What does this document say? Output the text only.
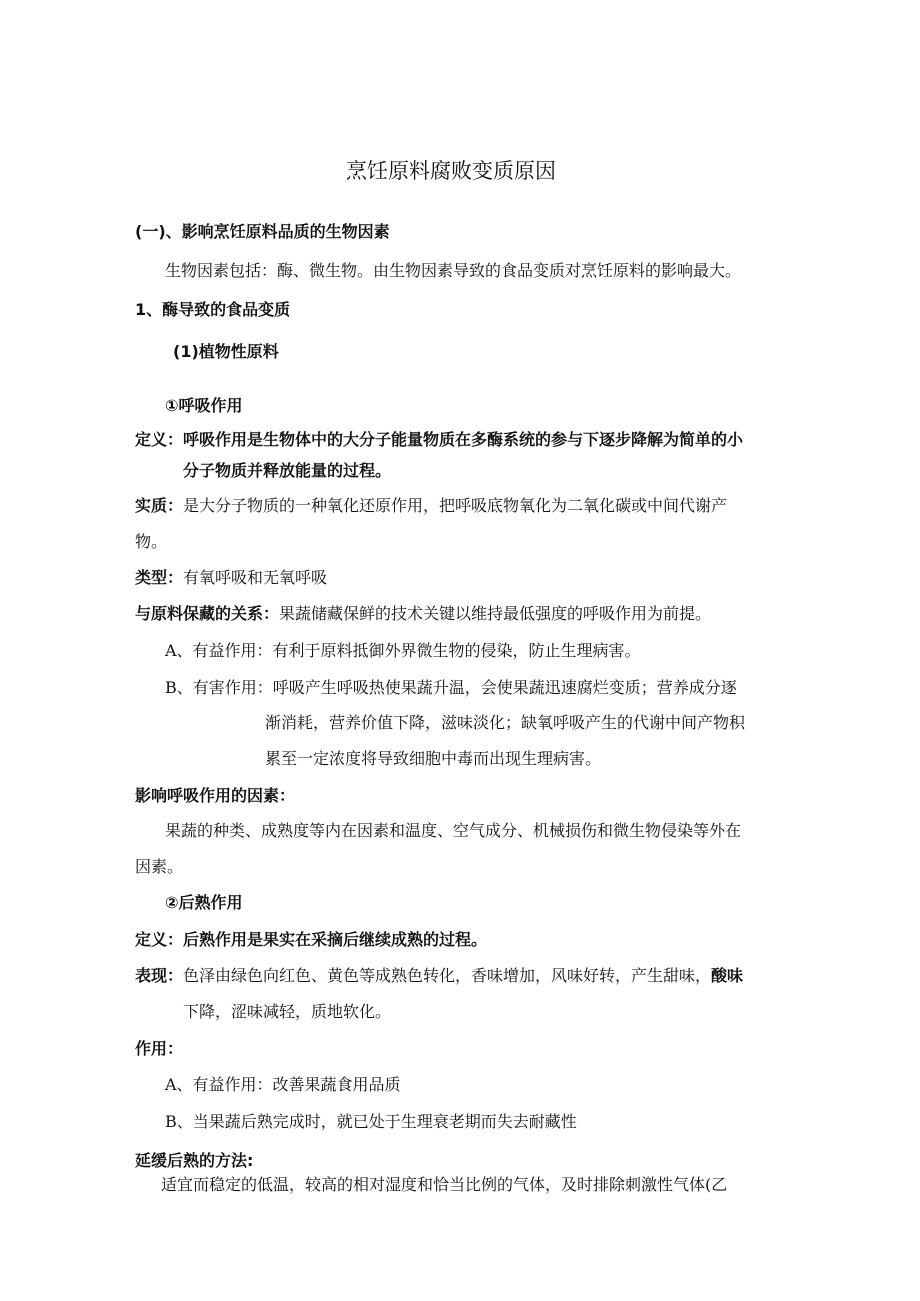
烹饪原料腐败变质原因
(一)、影响烹饪原料品质的生物因素
生物因素包括：酶、微生物。由生物因素导致的食品变质对烹饪原料的影响最大。
1、酶导致的食品变质
(1)植物性原料
①呼吸作用
定义：呼吸作用是生物体中的大分子能量物质在多酶系统的参与下逐步降解为简单的小
分子物质并释放能量的过程。
实质：是大分子物质的一种氧化还原作用，把呼吸底物氧化为二氧化碳或中间代谢产
物。
类型：有氧呼吸和无氧呼吸
与原料保藏的关系：果蔬储藏保鲜的技术关键以维持最低强度的呼吸作用为前提。
A、有益作用：有利于原料抵御外界微生物的侵染，防止生理病害。
B、有害作用：呼吸产生呼吸热使果蔬升温，会使果蔬迅速腐烂变质；营养成分逐
渐消耗，营养价值下降，滋味淡化；缺氧呼吸产生的代谢中间产物积
累至一定浓度将导致细胞中毒而出现生理病害。
影响呼吸作用的因素：
果蔬的种类、成熟度等内在因素和温度、空气成分、机械损伤和微生物侵染等外在
因素。
②后熟作用
定义：后熟作用是果实在采摘后继续成熟的过程。
表现：色泽由绿色向红色、黄色等成熟色转化，香味增加，风味好转，产生甜味，酸味
下降，涩味减轻，质地软化。
作用：
A、有益作用：改善果蔬食用品质
B、当果蔬后熟完成时，就已处于生理衰老期而失去耐藏性
延缓后熟的方法:
适宜而稳定的低温，较高的相对湿度和恰当比例的气体，及时排除刺激性气体(乙
